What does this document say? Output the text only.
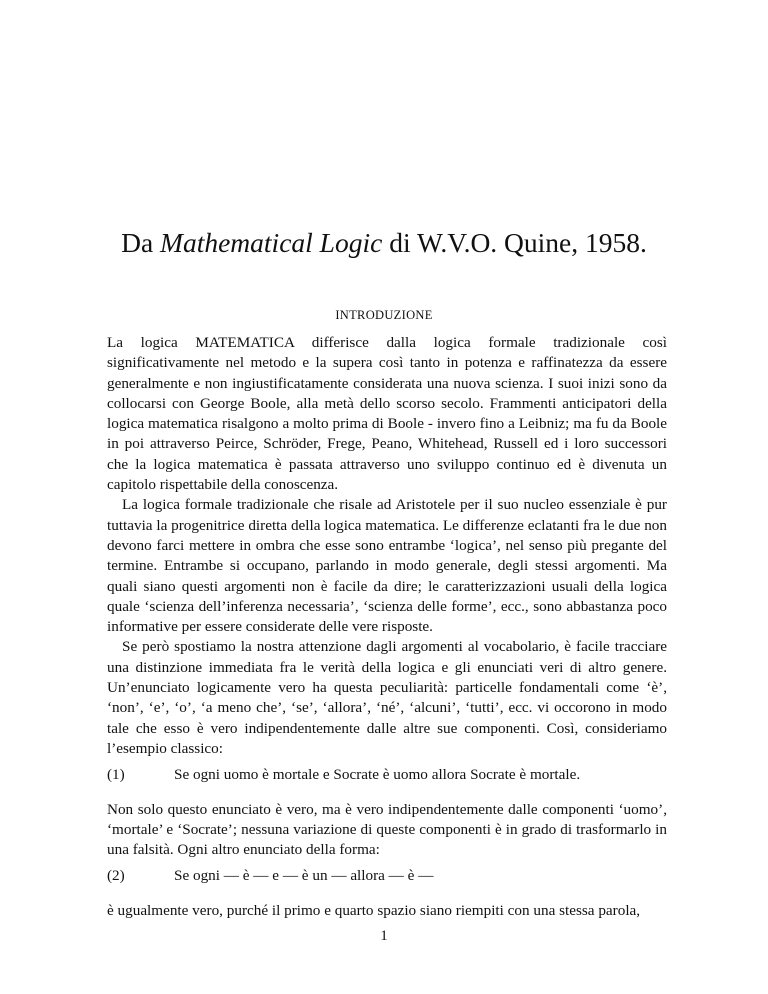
Da Mathematical Logic di W.V.O. Quine, 1958.
INTRODUZIONE

La logica MATEMATICA differisce dalla logica formale tradizionale così significativamente nel metodo e la supera così tanto in potenza e raffinatezza da essere generalmente e non ingiustificatamente considerata una nuova scienza. I suoi inizi sono da collocarsi con George Boole, alla metà dello scorso secolo. Frammenti anticipatori della logica matematica risalgono a molto prima di Boole - invero fino a Leibniz; ma fu da Boole in poi attraverso Peirce, Schröder, Frege, Peano, Whitehead, Russell ed i loro successori che la logica matematica è passata attraverso uno sviluppo continuo ed è divenuta un capitolo rispettabile della conoscenza.

La logica formale tradizionale che risale ad Aristotele per il suo nucleo essenziale è pur tuttavia la progenitrice diretta della logica matematica. Le differenze eclatanti fra le due non devono farci mettere in ombra che esse sono entrambe ‘logica’, nel senso più pregante del termine. Entrambe si occupano, parlando in modo generale, degli stessi argomenti. Ma quali siano questi argomenti non è facile da dire; le caratterizzazioni usuali della logica quale ‘scienza dell’inferenza necessaria’, ‘scienza delle forme’, ecc., sono abbastanza poco informative per essere considerate delle vere risposte.

Se però spostiamo la nostra attenzione dagli argomenti al vocabolario, è facile tracciare una distinzione immediata fra le verità della logica e gli enunciati veri di altro genere. Un’enunciato logicamente vero ha questa peculiarità: particelle fondamentali come ‘è’, ‘non’, ‘e’, ‘o’, ‘a meno che’, ‘se’, ‘allora’, ‘né’, ‘alcuni’, ‘tutti’, ecc. vi occorono in modo tale che esso è vero indipendentemente dalle altre sue componenti. Così, consideriamo l’esempio classico:

(1)	Se ogni uomo è mortale e Socrate è uomo allora Socrate è mortale.

Non solo questo enunciato è vero, ma è vero indipendentemente dalle componenti ‘uomo’, ‘mortale’ e ‘Socrate’; nessuna variazione di queste componenti è in grado di trasformarlo in una falsità. Ogni altro enunciato della forma:

(2)	Se ogni — è — e — è un — allora — è —

è ugualmente vero, purché il primo e quarto spazio siano riempiti con una stessa parola,

1
